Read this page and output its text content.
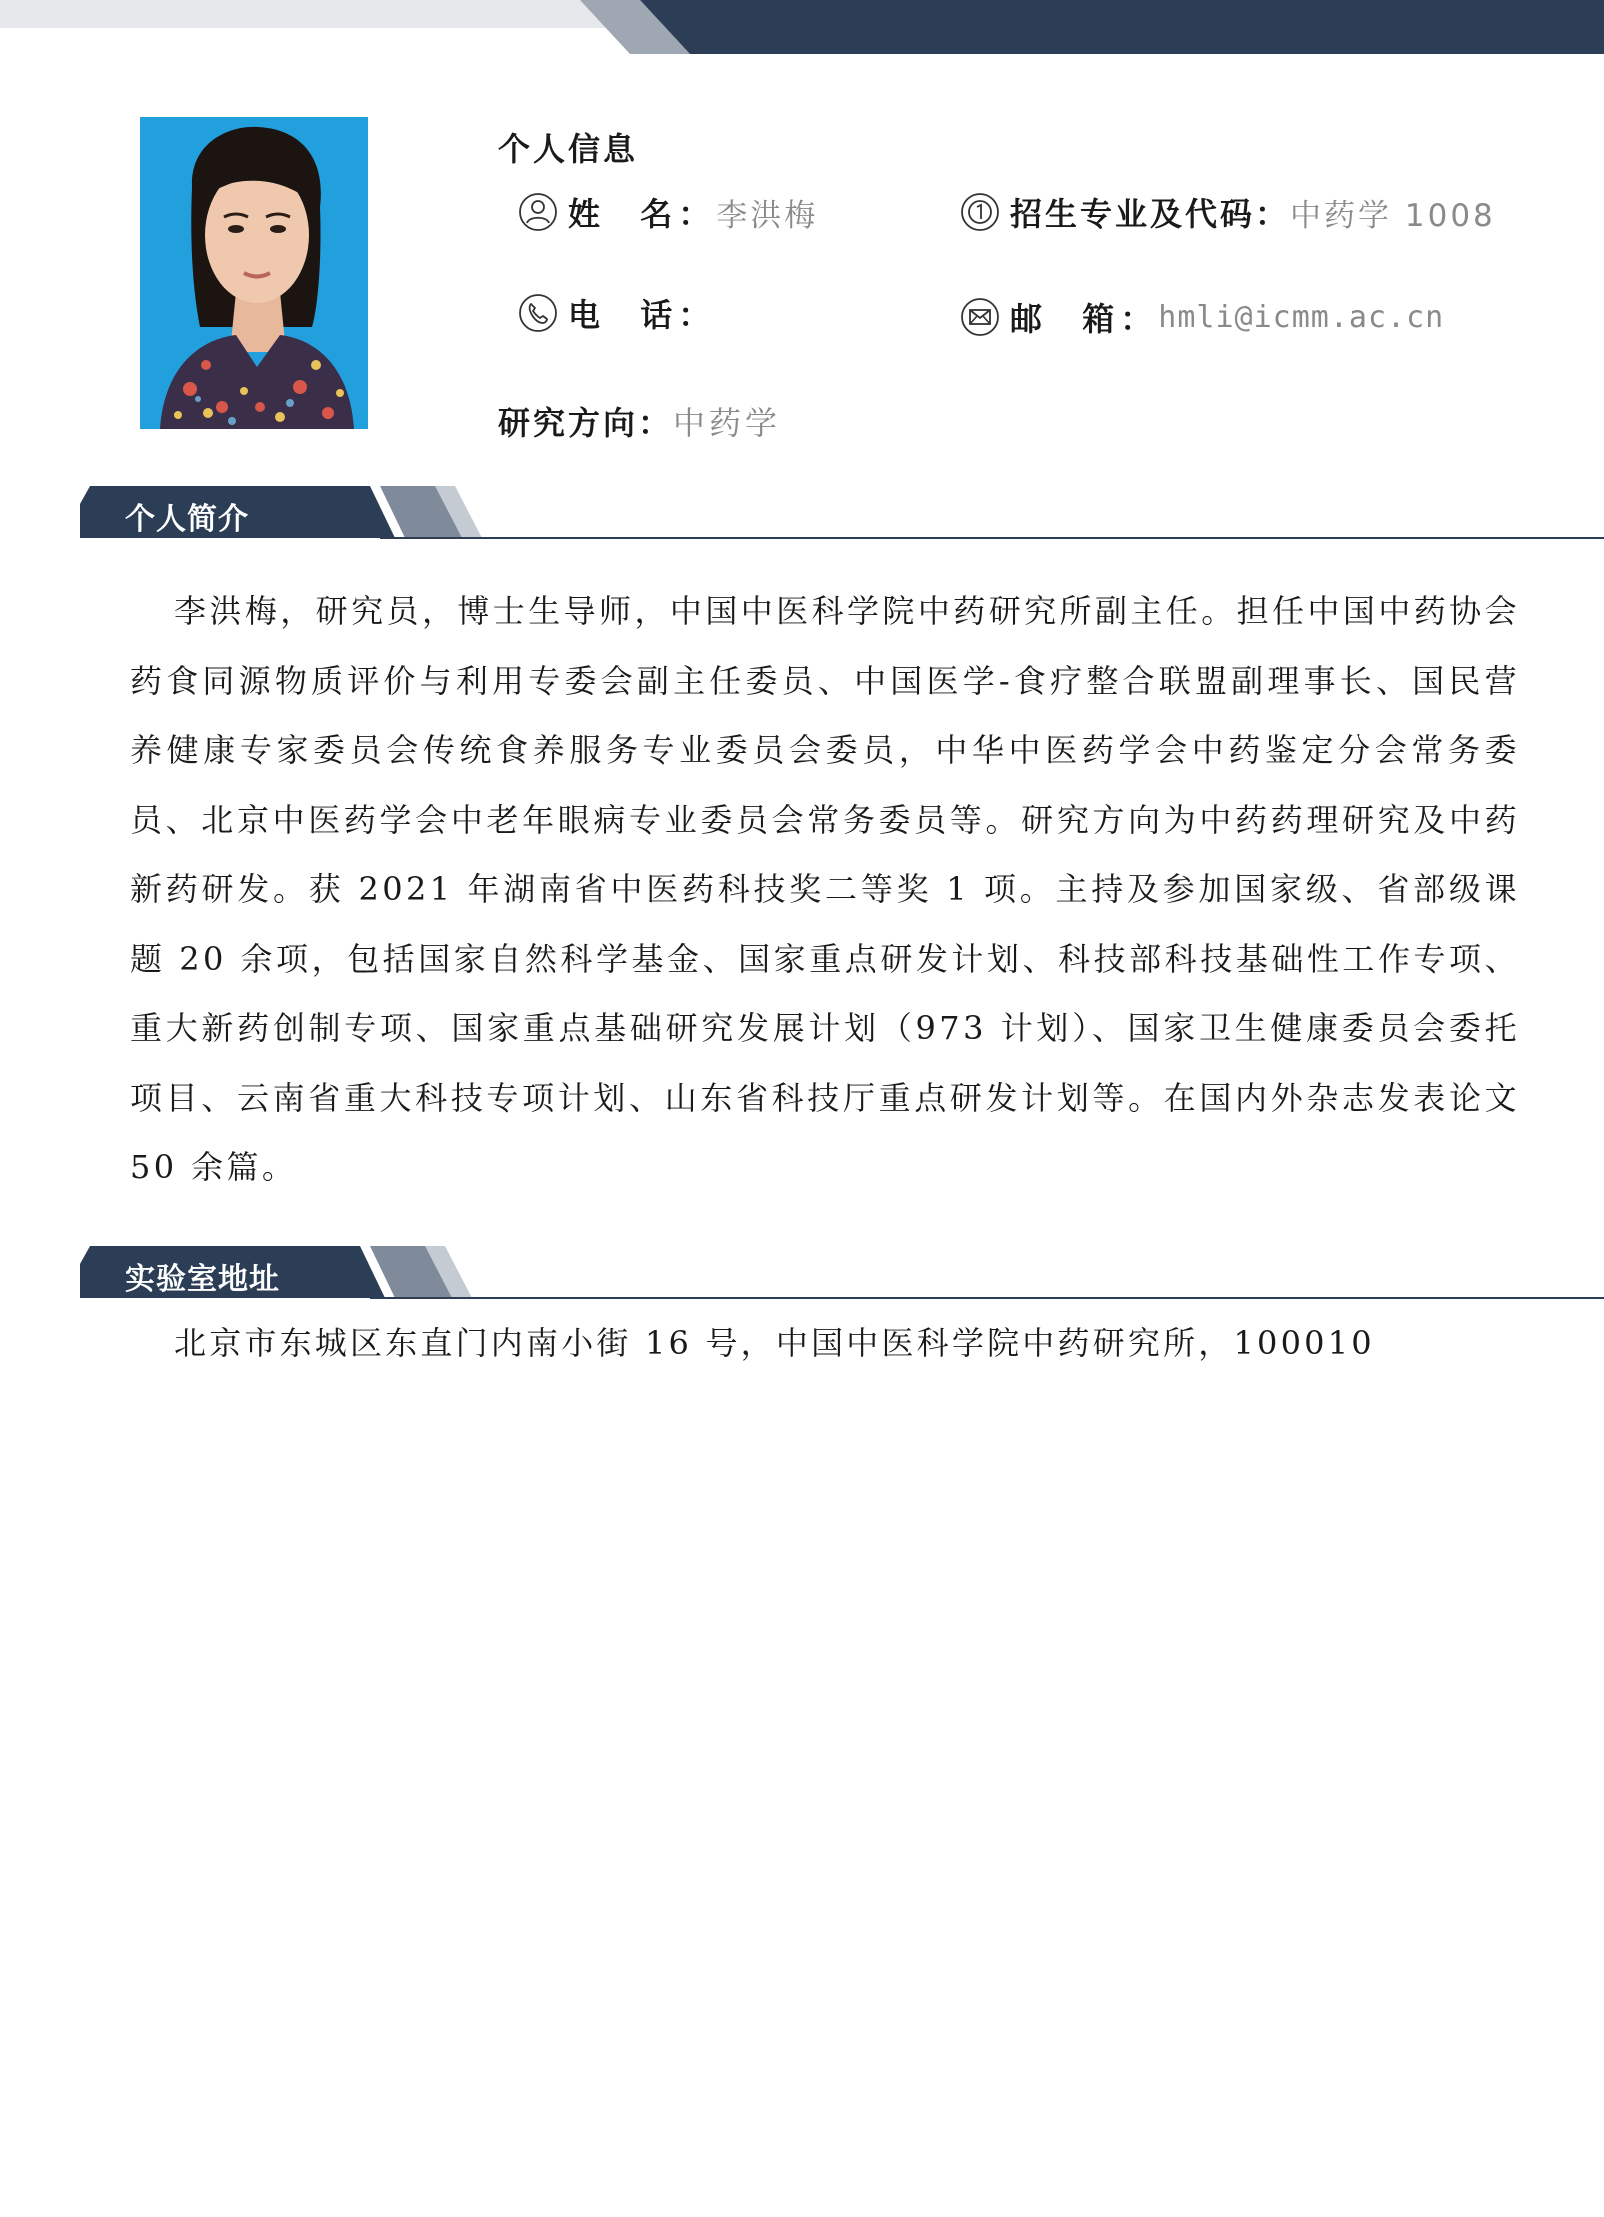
个人信息
姓  名： 李洪梅	招生专业及代码： 中药学 1008
电  话：	邮  箱： hmli@icmm.ac.cn
研究方向： 中药学
个人简介

李洪梅，研究员，博士生导师，中国中医科学院中药研究所副主任。担任中国中药协会药食同源物质评价与利用专委会副主任委员、中国医学-食疗整合联盟副理事长、国民营养健康专家委员会传统食养服务专业委员会委员，中华中医药学会中药鉴定分会常务委员、北京中医药学会中老年眼病专业委员会常务委员等。研究方向为中药药理研究及中药新药研发。获 2021 年湖南省中医药科技奖二等奖 1 项。主持及参加国家级、省部级课题 20 余项，包括国家自然科学基金、国家重点研发计划、科技部科技基础性工作专项、重大新药创制专项、国家重点基础研究发展计划（973 计划）、国家卫生健康委员会委托项目、云南省重大科技专项计划、山东省科技厅重点研发计划等。在国内外杂志发表论文 50 余篇。

实验室地址
北京市东城区东直门内南小街 16 号，中国中医科学院中药研究所，100010
